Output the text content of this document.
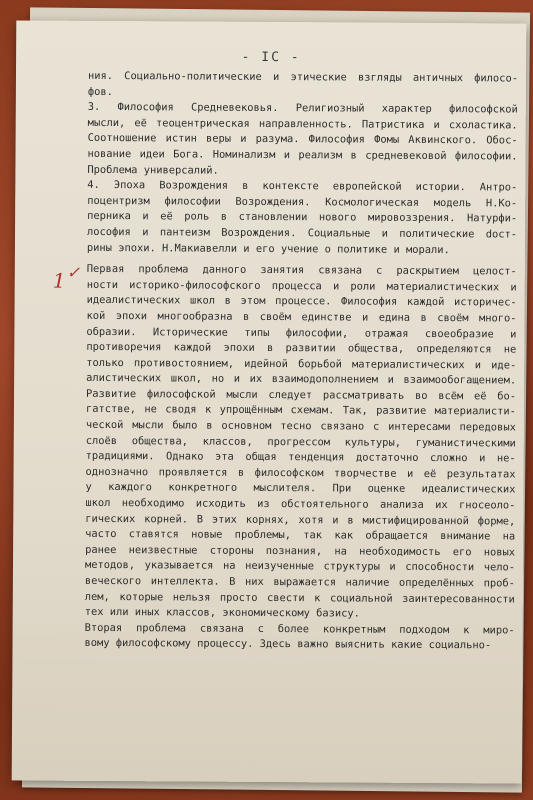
- IC -
1 ✓
ния. Социально-политические и этические взгляды античных филосо-
фов.
3. Философия Средневековья. Религиозный характер философской
мысли, её теоцентрическая направленность. Патристика и схоластика.
Соотношение истин веры и разума. Философия Фомы Аквинского. Обос-
нование идеи Бога. Номинализм и реализм в средневековой философии.
Проблема универсалий.
4. Эпоха Возрождения в контексте европейской истории. Антро-
поцентризм философии Возрождения. Космологическая модель Н.Ко-
перника и её роль в становлении нового мировоззрения. Натурфи-
лософия и пантеизм Возрождения. Социальные и политические docт-
рины эпохи. Н.Макиавелли и его учение о политике и морали.
Первая проблема данного занятия связана с раскрытием целост-
ности историко-философского процесса и роли материалистических и
идеалистических школ в этом процессе. Философия каждой историчес-
кой эпохи многообразна в своём единстве и едина в своём много-
образии. Исторические типы философии, отражая своеобразие и
противоречия каждой эпохи в развитии общества, определяются не
только противостоянием, идейной борьбой материалистических и иде-
алистических школ, но и их взаимодополнением и взаимообогащением.
Развитие философской мысли следует рассматривать во всём её бо-
гатстве, не сводя к упрощённым схемам. Так, развитие материалисти-
ческой мысли было в основном тесно связано с интересами передовых
слоёв общества, классов, прогрессом культуры, гуманистическими
традициями. Однако эта общая тенденция достаточно сложно и не-
однозначно проявляется в философском творчестве и её результатах
у каждого конкретного мыслителя. При оценке идеалистических
школ необходимо исходить из обстоятельного анализа их гносеоло-
гических корней. В этих корнях, хотя и в мистифицированной форме,
часто ставятся новые проблемы, так как обращается внимание на
ранее неизвестные стороны познания, на необходимость его новых
методов, указывается на неизученные структуры и способности чело-
веческого интеллекта. В них выражается наличие определённых проб-
лем, которые нельзя просто свести к социальной заинтересованности
тех или иных классов, экономическому базису.
Вторая проблема связана с более конкретным подходом к миро-
вому философскому процессу. Здесь важно выяснить какие социально-
